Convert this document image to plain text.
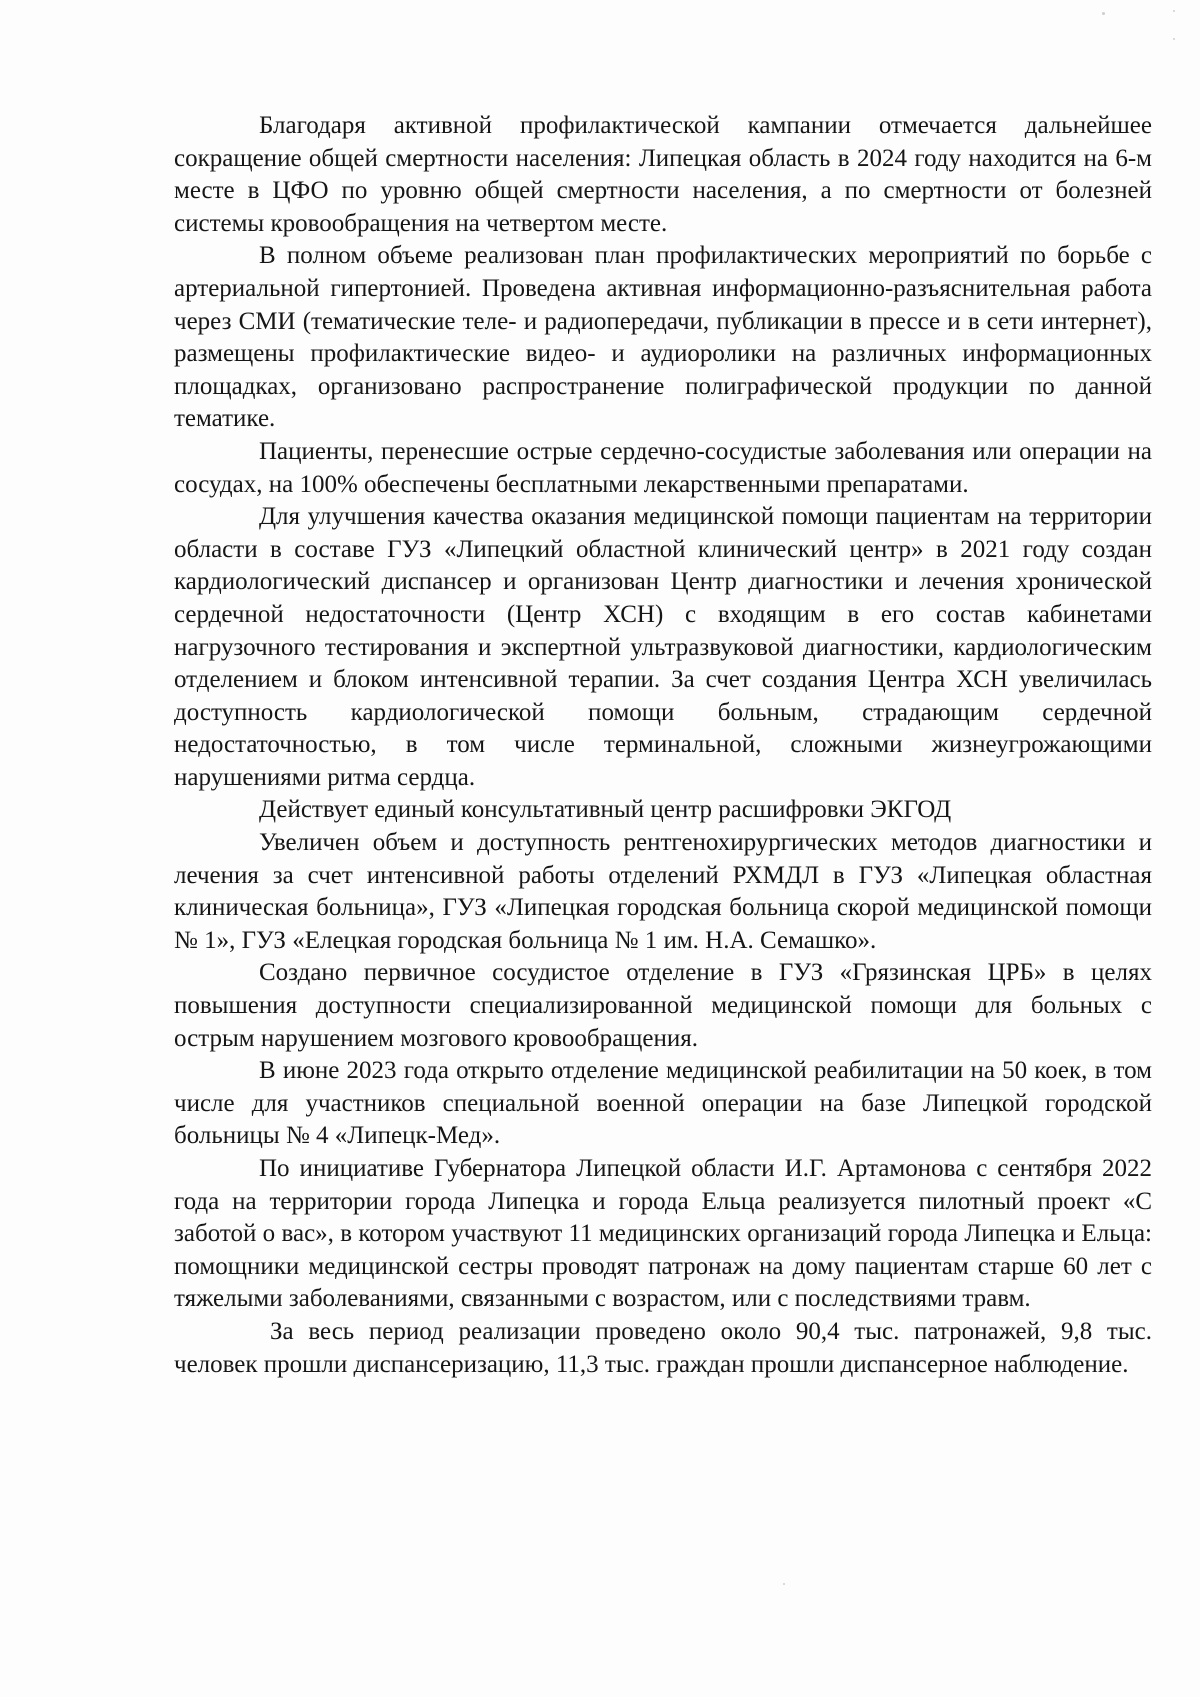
Благодаря активной профилактической кампании отмечается дальнейшее сокращение общей смертности населения: Липецкая область в 2024 году находится на 6-м месте в ЦФО по уровню общей смертности населения, а по смертности от болезней системы кровообращения на четвертом месте.

В полном объеме реализован план профилактических мероприятий по борьбе с артериальной гипертонией. Проведена активная информационно-разъяснительная работа через СМИ (тематические теле- и радиопередачи, публикации в прессе и в сети интернет), размещены профилактические видео- и аудиоролики на различных информационных площадках, организовано распространение полиграфической продукции по данной тематике.

Пациенты, перенесшие острые сердечно-сосудистые заболевания или операции на сосудах, на 100% обеспечены бесплатными лекарственными препаратами.

Для улучшения качества оказания медицинской помощи пациентам на территории области в составе ГУЗ «Липецкий областной клинический центр» в 2021 году создан кардиологический диспансер и организован Центр диагностики и лечения хронической сердечной недостаточности (Центр ХСН) с входящим в его состав кабинетами нагрузочного тестирования и экспертной ультразвуковой диагностики, кардиологическим отделением и блоком интенсивной терапии. За счет создания Центра ХСН увеличилась доступность кардиологической помощи больным, страдающим сердечной недостаточностью, в том числе терминальной, сложными жизнеугрожающими нарушениями ритма сердца.

Действует единый консультативный центр расшифровки ЭКГОД

Увеличен объем и доступность рентгенохирургических методов диагностики и лечения за счет интенсивной работы отделений РХМДЛ в ГУЗ «Липецкая областная клиническая больница», ГУЗ «Липецкая городская больница скорой медицинской помощи № 1», ГУЗ «Елецкая городская больница № 1 им. Н.А. Семашко».

Создано первичное сосудистое отделение в ГУЗ «Грязинская ЦРБ» в целях повышения доступности специализированной медицинской помощи для больных с острым нарушением мозгового кровообращения.

В июне 2023 года открыто отделение медицинской реабилитации на 50 коек, в том числе для участников специальной военной операции на базе Липецкой городской больницы № 4 «Липецк-Мед».

По инициативе Губернатора Липецкой области И.Г. Артамонова с сентября 2022 года на территории города Липецка и города Ельца реализуется пилотный проект «С заботой о вас», в котором участвуют 11 медицинских организаций города Липецка и Ельца: помощники медицинской сестры проводят патронаж на дому пациентам старше 60 лет с тяжелыми заболеваниями, связанными с возрастом, или с последствиями травм.

За весь период реализации проведено около 90,4 тыс. патронажей, 9,8 тыс. человек прошли диспансеризацию, 11,3 тыс. граждан прошли диспансерное наблюдение.
